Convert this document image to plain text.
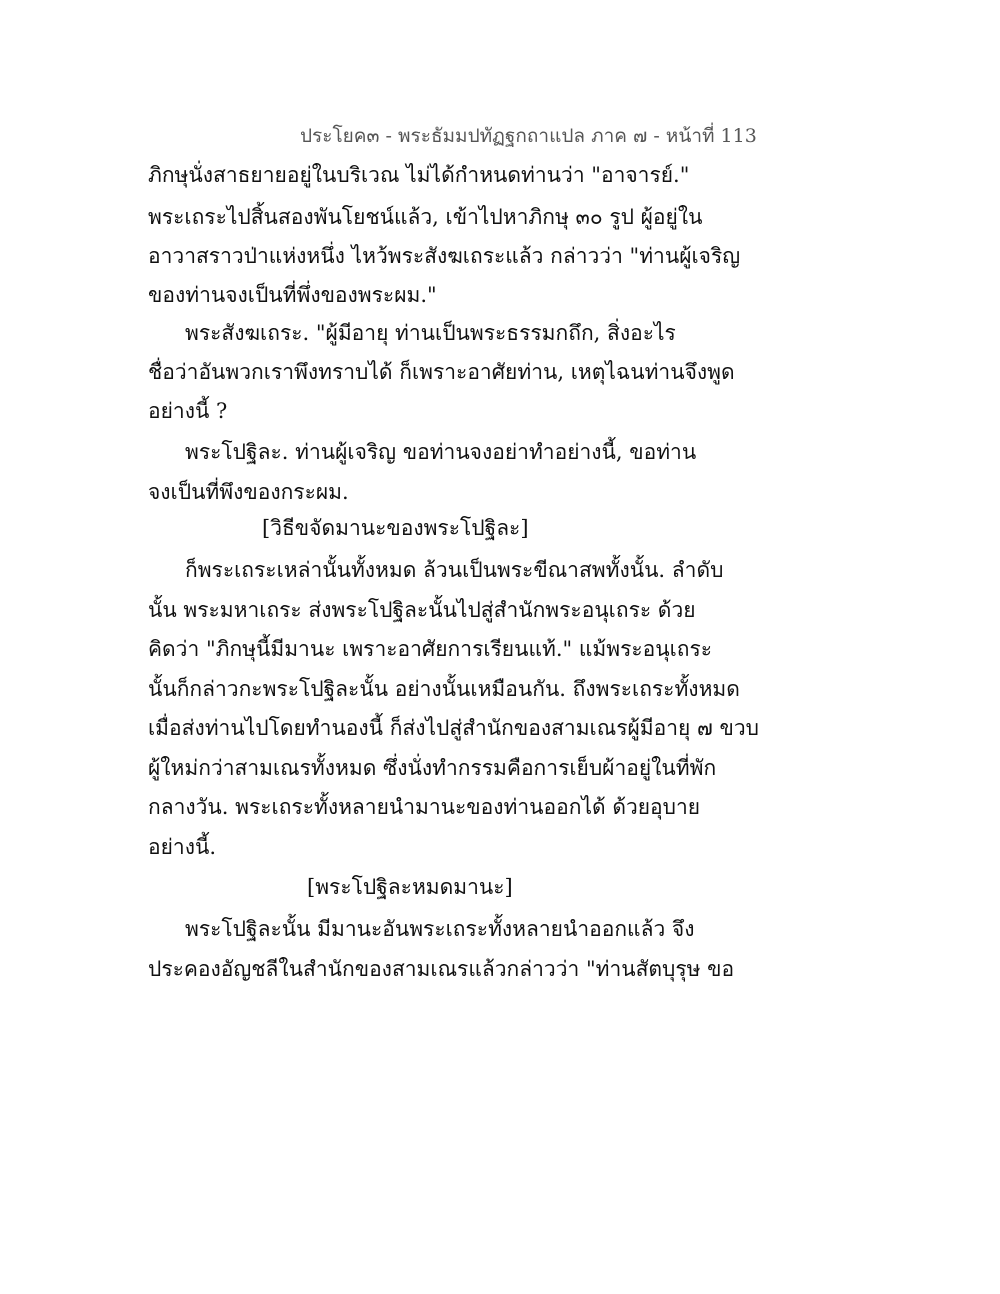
ประโยค๓ - พระธัมมปทัฏฐกถาแปล ภาค ๗ - หน้าที่ 113
ภิกษุนั่งสาธยายอยู่ในบริเวณ ไม่ได้กำหนดท่านว่า "อาจารย์."
พระเถระไปสิ้นสองพันโยชน์แล้ว, เข้าไปหาภิกษุ ๓๐ รูป ผู้อยู่ใน
อาวาสราวป่าแห่งหนึ่ง ไหว้พระสังฆเถระแล้ว กล่าวว่า "ท่านผู้เจริญ
ของท่านจงเป็นที่พึ่งของพระผม."
พระสังฆเถระ. "ผู้มีอายุ ท่านเป็นพระธรรมกถึก, สิ่งอะไร
ชื่อว่าอันพวกเราพึงทราบได้ ก็เพราะอาศัยท่าน, เหตุไฉนท่านจึงพูด
อย่างนี้ ?
พระโปฐิละ. ท่านผู้เจริญ ขอท่านจงอย่าทำอย่างนี้, ขอท่าน
จงเป็นที่พึงของกระผม.
[วิธีขจัดมานะของพระโปฐิละ]
ก็พระเถระเหล่านั้นทั้งหมด ล้วนเป็นพระขีณาสพทั้งนั้น. ลำดับ
นั้น พระมหาเถระ ส่งพระโปฐิละนั้นไปสู่สำนักพระอนุเถระ ด้วย
คิดว่า "ภิกษุนี้มีมานะ เพราะอาศัยการเรียนแท้." แม้พระอนุเถระ
นั้นก็กล่าวกะพระโปฐิละนั้น อย่างนั้นเหมือนกัน. ถึงพระเถระทั้งหมด
เมื่อส่งท่านไปโดยทำนองนี้ ก็ส่งไปสู่สำนักของสามเณรผู้มีอายุ ๗ ขวบ
ผู้ใหม่กว่าสามเณรทั้งหมด ซึ่งนั่งทำกรรมคือการเย็บผ้าอยู่ในที่พัก
กลางวัน. พระเถระทั้งหลายนำมานะของท่านออกได้ ด้วยอุบาย
อย่างนี้.
[พระโปฐิละหมดมานะ]
พระโปฐิละนั้น มีมานะอันพระเถระทั้งหลายนำออกแล้ว จึง
ประคองอัญชลีในสำนักของสามเณรแล้วกล่าวว่า "ท่านสัตบุรุษ ขอ
